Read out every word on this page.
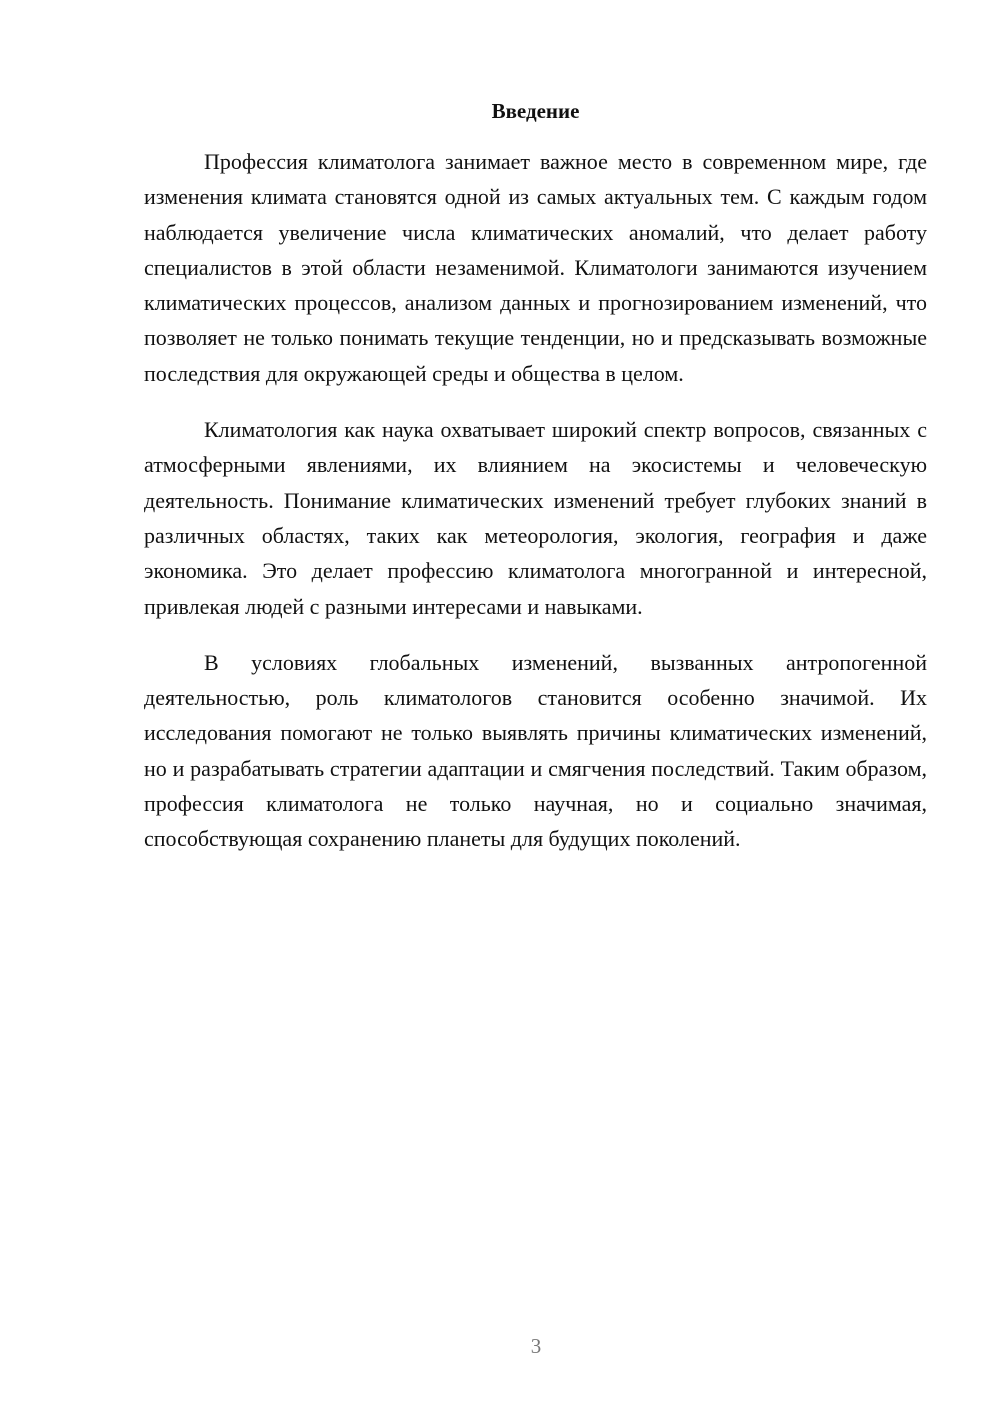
Введение

Профессия климатолога занимает важное место в современном мире, где изменения климата становятся одной из самых актуальных тем. С каждым годом наблюдается увеличение числа климатических аномалий, что делает работу специалистов в этой области незаменимой. Климатологи занимаются изучением климатических процессов, анализом данных и прогнозированием изменений, что позволяет не только понимать текущие тенденции, но и предсказывать возможные последствия для окружающей среды и общества в целом.

Климатология как наука охватывает широкий спектр вопросов, связанных с атмосферными явлениями, их влиянием на экосистемы и человеческую деятельность. Понимание климатических изменений требует глубоких знаний в различных областях, таких как метеорология, экология, география и даже экономика. Это делает профессию климатолога многогранной и интересной, привлекая людей с разными интересами и навыками.

В условиях глобальных изменений, вызванных антропогенной деятельностью, роль климатологов становится особенно значимой. Их исследования помогают не только выявлять причины климатических изменений, но и разрабатывать стратегии адаптации и смягчения последствий. Таким образом, профессия климатолога не только научная, но и социально значимая, способствующая сохранению планеты для будущих поколений.

3
